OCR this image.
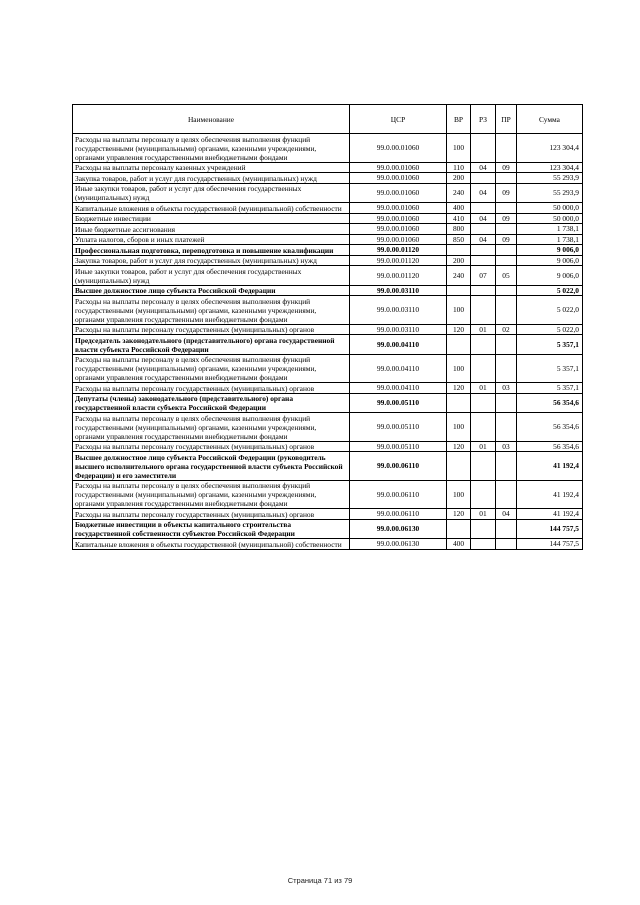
Наименование	ЦСР	ВР	РЗ	ПР	Сумма
Расходы на выплаты персоналу в целях обеспечения выполнения функций государственными (муниципальными) органами, казенными учреждениями, органами управления государственными внебюджетными фондами	99.0.00.01060	100			123 304,4
Расходы на выплаты персоналу казенных учреждений	99.0.00.01060	110	04	09	123 304,4
Закупка товаров, работ и услуг для государственных (муниципальных) нужд	99.0.00.01060	200			55 293,9
Иные закупки товаров, работ и услуг для обеспечения государственных (муниципальных) нужд	99.0.00.01060	240	04	09	55 293,9
Капитальные вложения в объекты государственной (муниципальной) собственности	99.0.00.01060	400			50 000,0
Бюджетные инвестиции	99.0.00.01060	410	04	09	50 000,0
Иные бюджетные ассигнования	99.0.00.01060	800			1 738,1
Уплата налогов, сборов и иных платежей	99.0.00.01060	850	04	09	1 738,1
Профессиональная подготовка, переподготовка и повышение квалификации	99.0.00.01120				9 006,0
Закупка товаров, работ и услуг для государственных (муниципальных) нужд	99.0.00.01120	200			9 006,0
Иные закупки товаров, работ и услуг для обеспечения государственных (муниципальных) нужд	99.0.00.01120	240	07	05	9 006,0
Высшее должностное лицо субъекта Российской Федерации	99.0.00.03110				5 022,0
Расходы на выплаты персоналу в целях обеспечения выполнения функций государственными (муниципальными) органами, казенными учреждениями, органами управления государственными внебюджетными фондами	99.0.00.03110	100			5 022,0
Расходы на выплаты персоналу государственных (муниципальных) органов	99.0.00.03110	120	01	02	5 022,0
Председатель законодательного (представительного) органа государственной власти субъекта Российской Федерации	99.0.00.04110				5 357,1
Расходы на выплаты персоналу в целях обеспечения выполнения функций государственными (муниципальными) органами, казенными учреждениями, органами управления государственными внебюджетными фондами	99.0.00.04110	100			5 357,1
Расходы на выплаты персоналу государственных (муниципальных) органов	99.0.00.04110	120	01	03	5 357,1
Депутаты (члены) законодательного (представительного) органа государственной власти субъекта Российской Федерации	99.0.00.05110				56 354,6
Расходы на выплаты персоналу в целях обеспечения выполнения функций государственными (муниципальными) органами, казенными учреждениями, органами управления государственными внебюджетными фондами	99.0.00.05110	100			56 354,6
Расходы на выплаты персоналу государственных (муниципальных) органов	99.0.00.05110	120	01	03	56 354,6
Высшее должностное лицо субъекта Российской Федерации (руководитель высшего исполнительного органа государственной власти субъекта Российской Федерации) и его заместители	99.0.00.06110				41 192,4
Расходы на выплаты персоналу в целях обеспечения выполнения функций государственными (муниципальными) органами, казенными учреждениями, органами управления государственными внебюджетными фондами	99.0.00.06110	100			41 192,4
Расходы на выплаты персоналу государственных (муниципальных) органов	99.0.00.06110	120	01	04	41 192,4
Бюджетные инвестиции в объекты капитального строительства государственной собственности субъектов Российской Федерации	99.0.00.06130				144 757,5
Капитальные вложения в объекты государственной (муниципальной) собственности	99.0.00.06130	400			144 757,5
Страница 71 из 79
